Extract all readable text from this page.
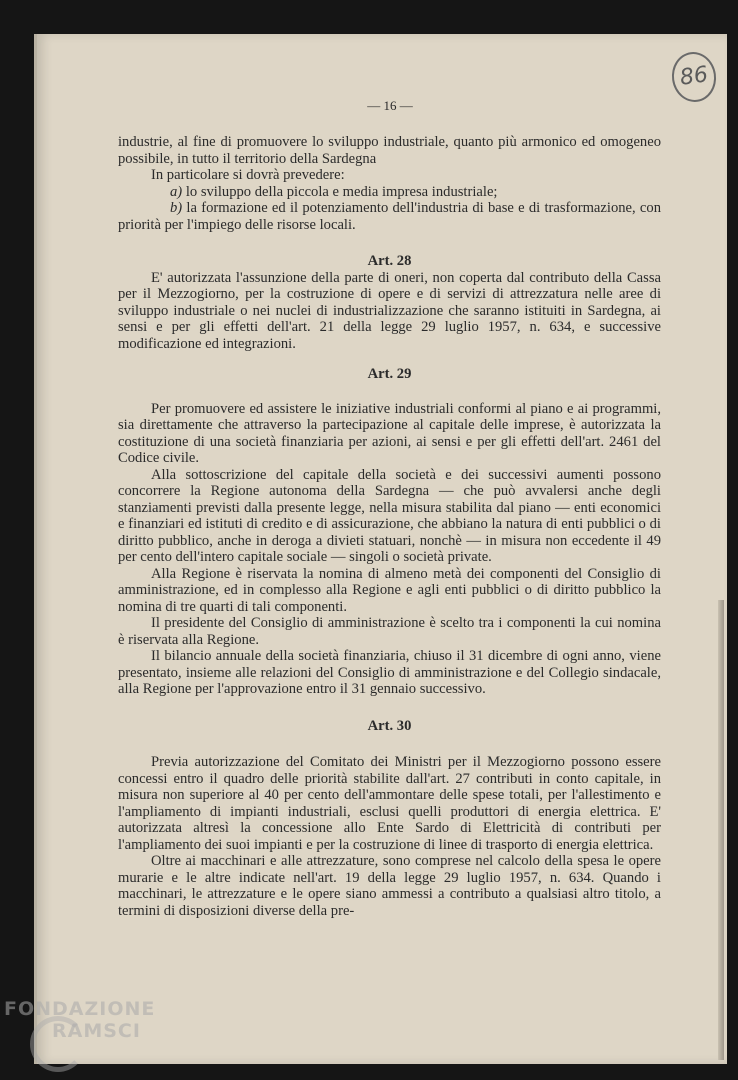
86
— 16 —

industrie, al fine di promuovere lo sviluppo industriale, quanto più armonico ed omogeneo possibile, in tutto il territorio della Sardegna

In particolare si dovrà prevedere:

a) lo sviluppo della piccola e media impresa industriale;

b) la formazione ed il potenziamento dell'industria di base e di trasformazione, con priorità per l'impiego delle risorse locali.

Art. 28

E' autorizzata l'assunzione della parte di oneri, non coperta dal contributo della Cassa per il Mezzogiorno, per la costruzione di opere e di servizi di attrezzatura nelle aree di sviluppo industriale o nei nuclei di industrializzazione che saranno istituiti in Sardegna, ai sensi e per gli effetti dell'art. 21 della legge 29 luglio 1957, n. 634, e successive modificazione ed integrazioni.

Art. 29

Per promuovere ed assistere le iniziative industriali conformi al piano e ai programmi, sia direttamente che attraverso la partecipazione al capitale delle imprese, è autorizzata la costituzione di una società finanziaria per azioni, ai sensi e per gli effetti dell'art. 2461 del Codice civile.

Alla sottoscrizione del capitale della società e dei successivi aumenti possono concorrere la Regione autonoma della Sardegna — che può avvalersi anche degli stanziamenti previsti dalla presente legge, nella misura stabilita dal piano — enti economici e finanziari ed istituti di credito e di assicurazione, che abbiano la natura di enti pubblici o di diritto pubblico, anche in deroga a divieti statuari, nonchè — in misura non eccedente il 49 per cento dell'intero capitale sociale — singoli o società private.

Alla Regione è riservata la nomina di almeno metà dei componenti del Consiglio di amministrazione, ed in complesso alla Regione e agli enti pubblici o di diritto pubblico la nomina di tre quarti di tali componenti.

Il presidente del Consiglio di amministrazione è scelto tra i componenti la cui nomina è riservata alla Regione.

Il bilancio annuale della società finanziaria, chiuso il 31 dicembre di ogni anno, viene presentato, insieme alle relazioni del Consiglio di amministrazione e del Collegio sindacale, alla Regione per l'approvazione entro il 31 gennaio successivo.

Art. 30

Previa autorizzazione del Comitato dei Ministri per il Mezzogiorno possono essere concessi entro il quadro delle priorità stabilite dall'art. 27 contributi in conto capitale, in misura non superiore al 40 per cento dell'ammontare delle spese totali, per l'allestimento e l'ampliamento di impianti industriali, esclusi quelli produttori di energia elettrica. E' autorizzata altresì la concessione allo Ente Sardo di Elettricità di contributi per l'ampliamento dei suoi impianti e per la costruzione di linee di trasporto di energia elettrica.

Oltre ai macchinari e alle attrezzature, sono comprese nel calcolo della spesa le opere murarie e le altre indicate nell'art. 19 della legge 29 luglio 1957, n. 634. Quando i macchinari, le attrezzature e le opere siano ammessi a contributo a qualsiasi altro titolo, a termini di disposizioni diverse della pre-

FONDAZIONE
RAMSCI
